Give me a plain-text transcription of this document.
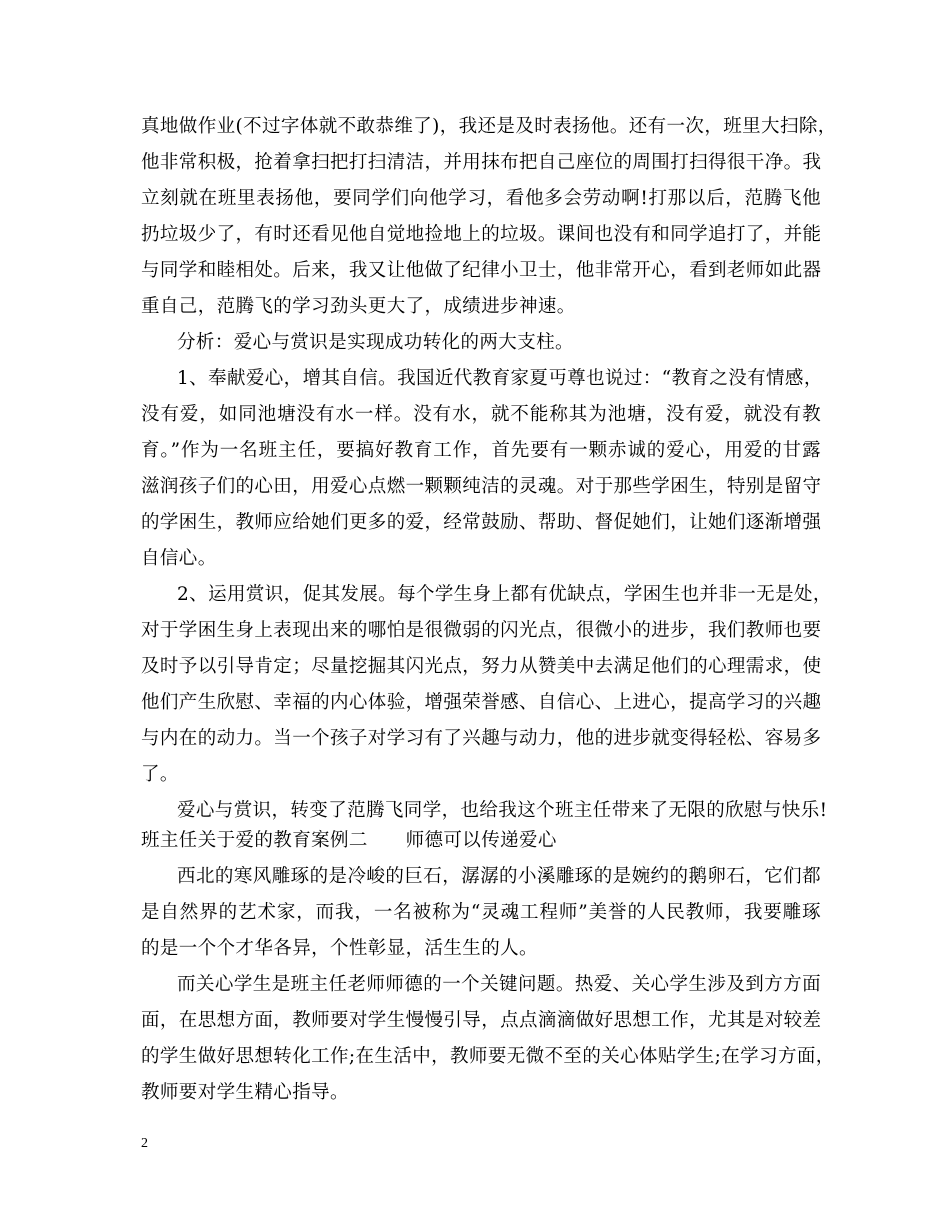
真地做作业(不过字体就不敢恭维了)，我还是及时表扬他。还有一次，班里大扫除，
他非常积极，抢着拿扫把打扫清洁，并用抹布把自己座位的周围打扫得很干净。我
立刻就在班里表扬他，要同学们向他学习，看他多会劳动啊!打那以后，范腾飞他
扔垃圾少了，有时还看见他自觉地捡地上的垃圾。课间也没有和同学追打了，并能
与同学和睦相处。后来，我又让他做了纪律小卫士，他非常开心，看到老师如此器
重自己，范腾飞的学习劲头更大了，成绩进步神速。
分析：爱心与赏识是实现成功转化的两大支柱。
1、奉献爱心，增其自信。我国近代教育家夏丏尊也说过：“教育之没有情感，
没有爱，如同池塘没有水一样。没有水，就不能称其为池塘，没有爱，就没有教
育。”作为一名班主任，要搞好教育工作，首先要有一颗赤诚的爱心，用爱的甘露
滋润孩子们的心田，用爱心点燃一颗颗纯洁的灵魂。对于那些学困生，特别是留守
的学困生，教师应给她们更多的爱，经常鼓励、帮助、督促她们，让她们逐渐增强
自信心。
2、运用赏识，促其发展。每个学生身上都有优缺点，学困生也并非一无是处，
对于学困生身上表现出来的哪怕是很微弱的闪光点，很微小的进步，我们教师也要
及时予以引导肯定；尽量挖掘其闪光点，努力从赞美中去满足他们的心理需求，使
他们产生欣慰、幸福的内心体验，增强荣誉感、自信心、上进心，提高学习的兴趣
与内在的动力。当一个孩子对学习有了兴趣与动力，他的进步就变得轻松、容易多
了。
爱心与赏识，转变了范腾飞同学，也给我这个班主任带来了无限的欣慰与快乐!
班主任关于爱的教育案例二　　师德可以传递爱心
西北的寒风雕琢的是冷峻的巨石，潺潺的小溪雕琢的是婉约的鹅卵石，它们都
是自然界的艺术家，而我，一名被称为“灵魂工程师”美誉的人民教师，我要雕琢
的是一个个才华各异，个性彰显，活生生的人。
而关心学生是班主任老师师德的一个关键问题。热爱、关心学生涉及到方方面
面，在思想方面，教师要对学生慢慢引导，点点滴滴做好思想工作，尤其是对较差
的学生做好思想转化工作;在生活中，教师要无微不至的关心体贴学生;在学习方面，
教师要对学生精心指导。
2
